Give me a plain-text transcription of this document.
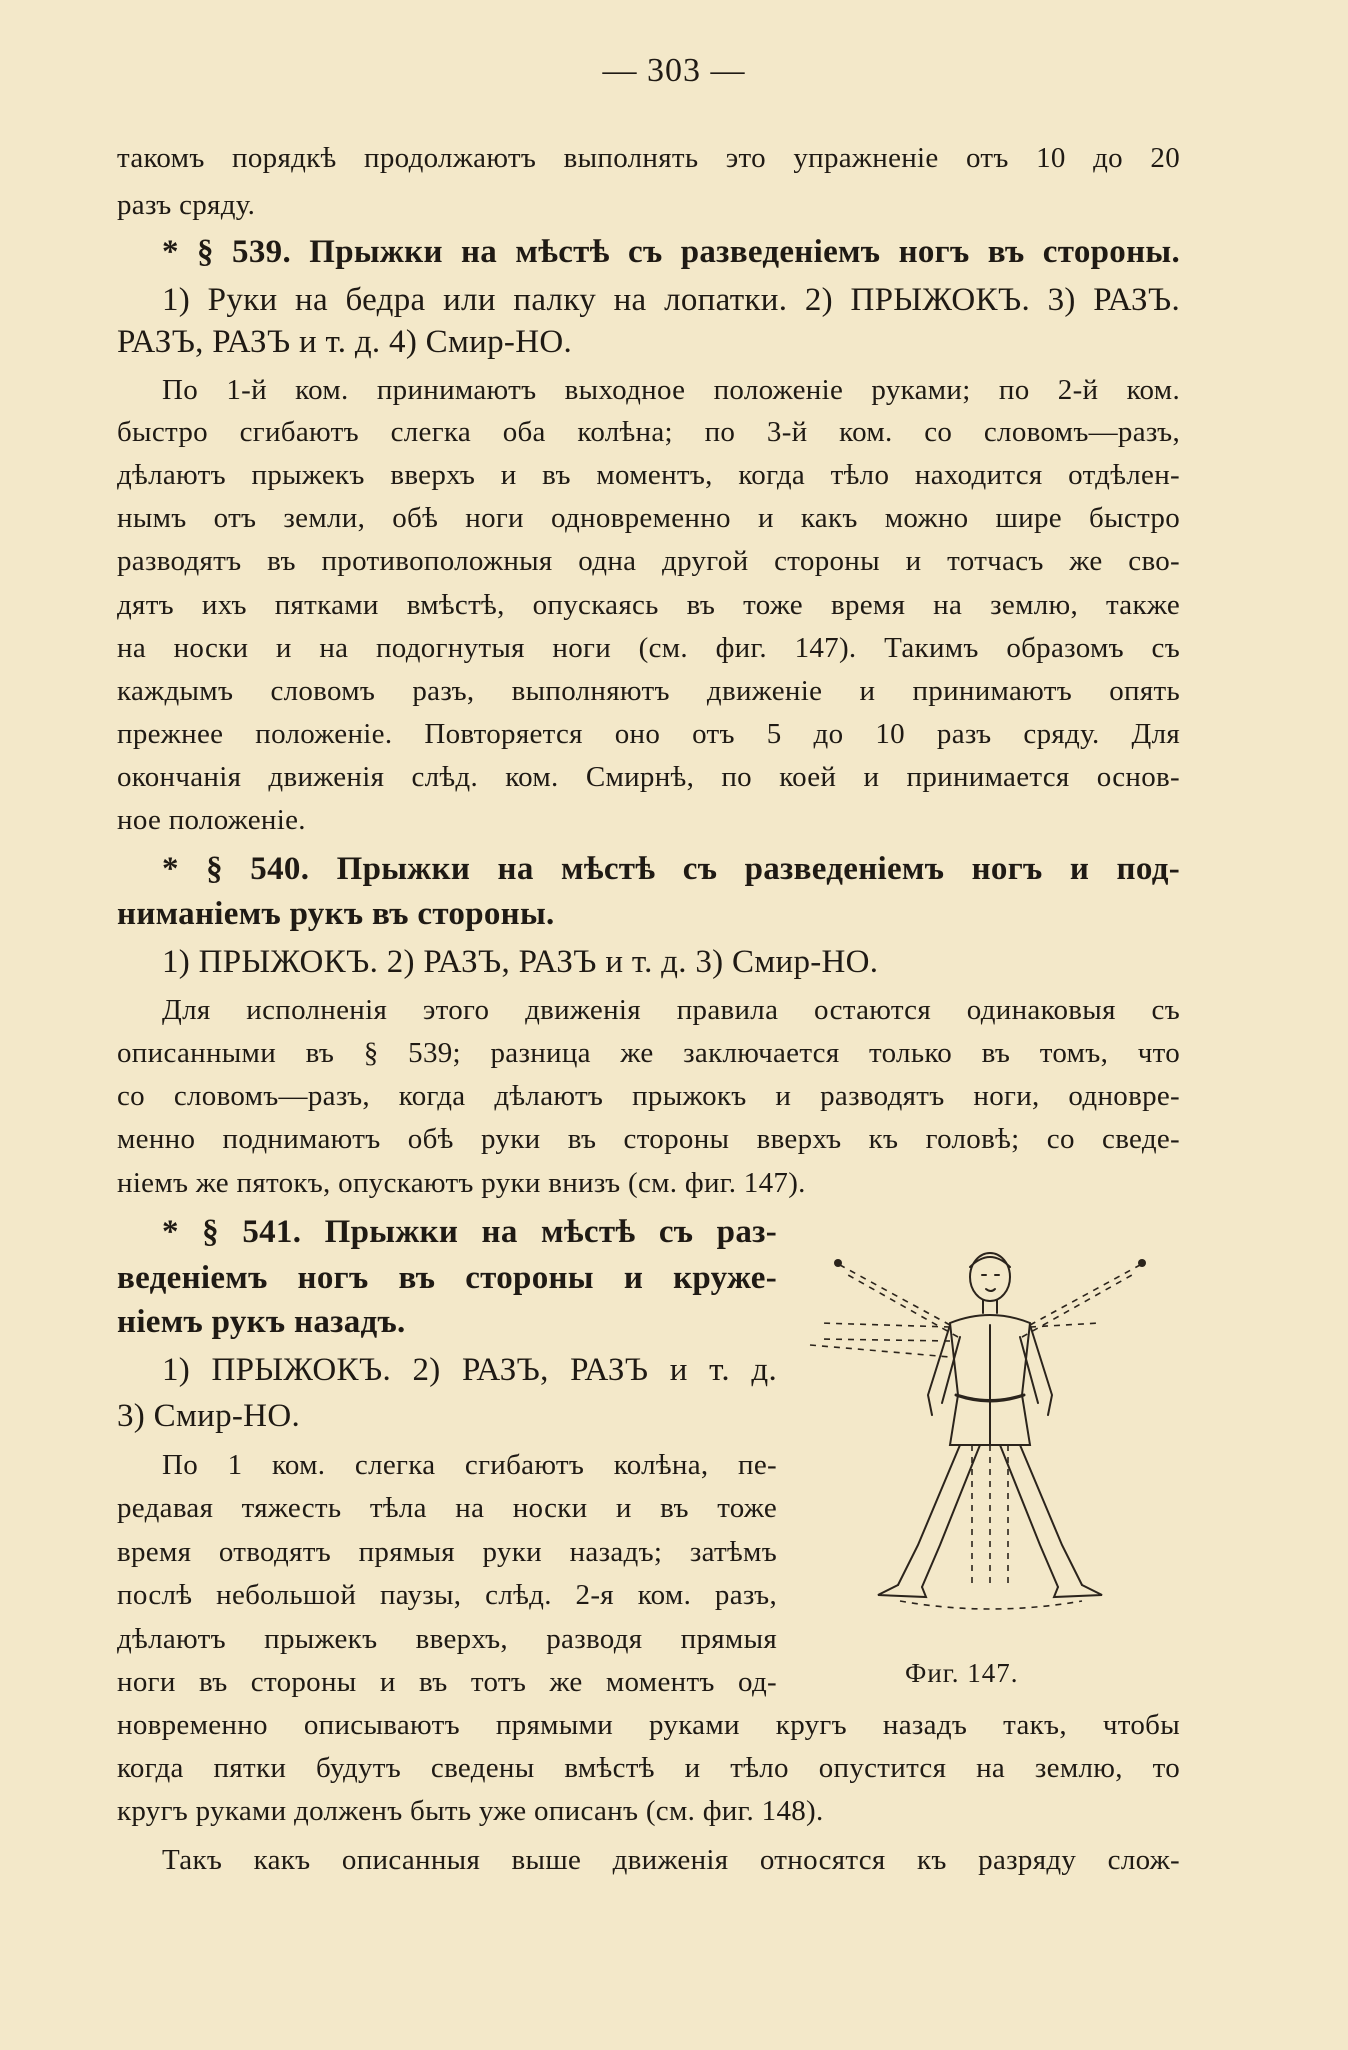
— 303 —
такомъ порядкѣ продолжаютъ выполнять это упражненіе отъ 10 до 20
разъ сряду.
* § 539. Прыжки на мѣстѣ съ разведеніемъ ногъ въ стороны.
1) Руки на бедра или палку на лопатки. 2) ПРЫЖОКЪ. 3) РАЗЪ.
РАЗЪ, РАЗЪ и т. д. 4) Смир-НО.
По 1-й ком. принимаютъ выходное положеніе руками; по 2-й ком.
быстро сгибаютъ слегка оба колѣна; по 3-й ком. со словомъ—разъ,
дѣлаютъ прыжекъ вверхъ и въ моментъ, когда тѣло находится отдѣлен-
нымъ отъ земли, обѣ ноги одновременно и какъ можно шире быстро
разводятъ въ противоположныя одна другой стороны и тотчасъ же сво-
дятъ ихъ пятками вмѣстѣ, опускаясь въ тоже время на землю, также
на носки и на подогнутыя ноги (см. фиг. 147). Такимъ образомъ съ
каждымъ словомъ разъ, выполняютъ движеніе и принимаютъ опять
прежнее положеніе. Повторяется оно отъ 5 до 10 разъ сряду. Для
окончанія движенія слѣд. ком. Смирнѣ, по коей и принимается основ-
ное положеніе.
* § 540. Прыжки на мѣстѣ съ разведеніемъ ногъ и под-
ниманіемъ рукъ въ стороны.
1) ПРЫЖОКЪ. 2) РАЗЪ, РАЗЪ и т. д. 3) Смир-НО.
Для исполненія этого движенія правила остаются одинаковыя съ
описанными въ § 539; разница же заключается только въ томъ, что
со словомъ—разъ, когда дѣлаютъ прыжокъ и разводятъ ноги, одновре-
менно поднимаютъ обѣ руки въ стороны вверхъ къ головѣ; со сведе-
ніемъ же пятокъ, опускаютъ руки внизъ (см. фиг. 147).
* § 541. Прыжки на мѣстѣ съ раз-
веденіемъ ногъ въ стороны и круже-
ніемъ рукъ назадъ.
1) ПРЫЖОКЪ. 2) РАЗЪ, РАЗЪ и т. д.
3) Смир-НО.
По 1 ком. слегка сгибаютъ колѣна, пе-
редавая тяжесть тѣла на носки и въ тоже
время отводятъ прямыя руки назадъ; затѣмъ
послѣ небольшой паузы, слѣд. 2-я ком. разъ,
дѣлаютъ прыжекъ вверхъ, разводя прямыя
ноги въ стороны и въ тотъ же моментъ од-
новременно описываютъ прямыми руками кругъ назадъ такъ, чтобы
когда пятки будутъ сведены вмѣстѣ и тѣло опустится на землю, то
кругъ руками долженъ быть уже описанъ (см. фиг. 148).
Такъ какъ описанныя выше движенія относятся къ разряду слож-
Фиг. 147.
